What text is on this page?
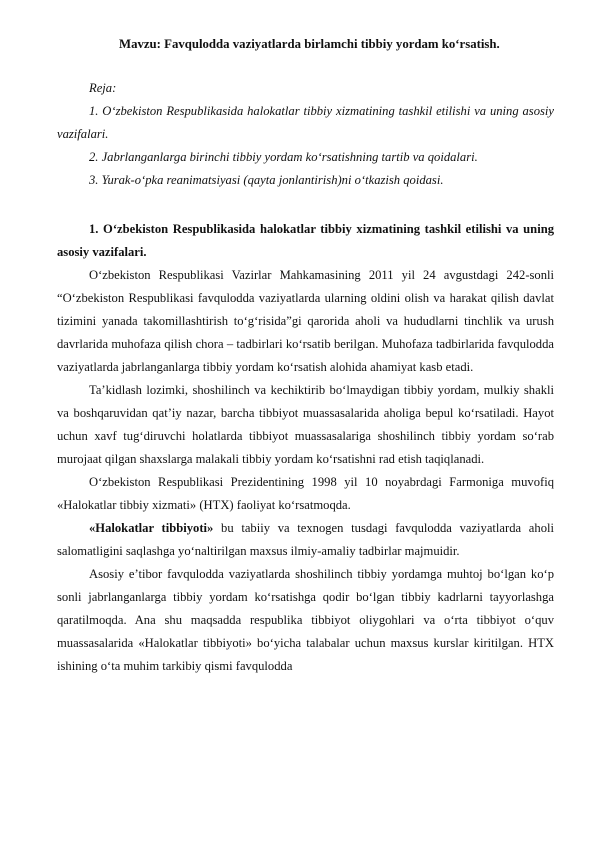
Mavzu: Favqulodda vaziyatlarda birlamchi tibbiy yordam ko‘rsatish.

Reja:

1. O‘zbekiston Respublikasida halokatlar tibbiy xizmatining tashkil etilishi va uning asosiy vazifalari.

2. Jabrlanganlarga birinchi tibbiy yordam ko‘rsatishning tartib va qoidalari.

3. Yurak-o‘pka reanimatsiyasi (qayta jonlantirish)ni o‘tkazish qoidasi.

1. O‘zbekiston Respublikasida halokatlar tibbiy xizmatining tashkil etilishi va uning asosiy vazifalari.

O‘zbekiston Respublikasi Vazirlar Mahkamasining 2011 yil 24 avgustdagi 242-sonli “O‘zbekiston Respublikasi favqulodda vaziyatlarda ularning oldini olish va harakat qilish davlat tizimini yanada takomillashtirish to‘g‘risida”gi qarorida aholi va hududlarni tinchlik va urush davrlarida muhofaza qilish chora – tadbirlari ko‘rsatib berilgan. Muhofaza tadbirlarida favqulodda vaziyatlarda jabrlanganlarga tibbiy yordam ko‘rsatish alohida ahamiyat kasb etadi.

Ta’kidlash lozimki, shoshilinch va kechiktirib bo‘lmaydigan tibbiy yordam, mulkiy shakli va boshqaruvidan qat’iy nazar, barcha tibbiyot muassasalarida aholiga bepul ko‘rsatiladi. Hayot uchun xavf tug‘diruvchi holatlarda tibbiyot muassasalariga shoshilinch tibbiy yordam so‘rab murojaat qilgan shaxslarga malakali tibbiy yordam ko‘rsatishni rad etish taqiqlanadi.

O‘zbekiston Respublikasi Prezidentining 1998 yil 10 noyabrdagi Farmoniga muvofiq «Halokatlar tibbiy xizmati» (HTX) faoliyat ko‘rsatmoqda.

«Halokatlar tibbiyoti» bu tabiiy va texnogen tusdagi favqulodda vaziyatlarda aholi salomatligini saqlashga yo‘naltirilgan maxsus ilmiy-amaliy tadbirlar majmuidir.

Asosiy e’tibor favqulodda vaziyatlarda shoshilinch tibbiy yordamga muhtoj bo‘lgan ko‘p sonli jabrlanganlarga tibbiy yordam ko‘rsatishga qodir bo‘lgan tibbiy kadrlarni tayyorlashga qaratilmoqda. Ana shu maqsadda respublika tibbiyot oliygohlari va o‘rta tibbiyot o‘quv muassasalarida «Halokatlar tibbiyoti» bo‘yicha talabalar uchun maxsus kurslar kiritilgan. HTX ishining o‘ta muhim tarkibiy qismi favqulodda
